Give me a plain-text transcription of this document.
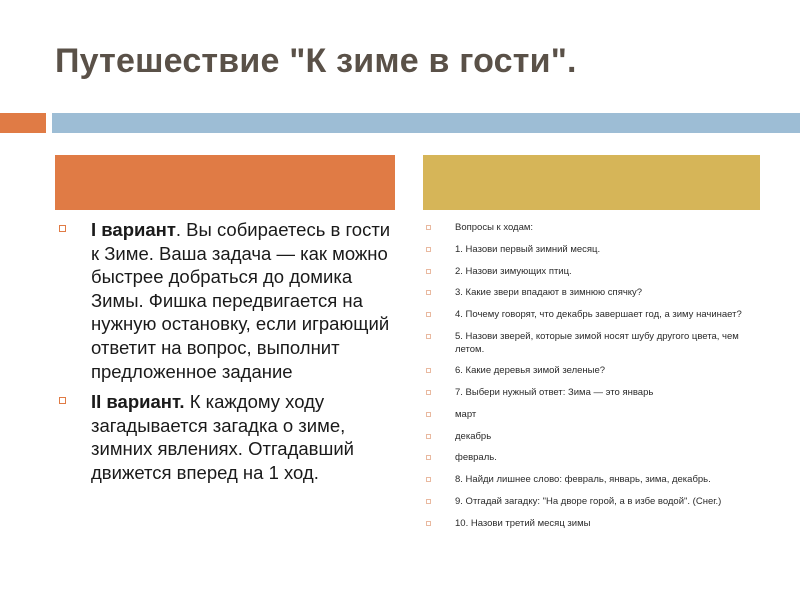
Путешествие "К зиме в гости".
I вариант. Вы собираетесь в гости к Зиме. Ваша задача — как можно быстрее добраться до домика Зимы. Фишка передвигается на нужную остановку, если играющий ответит на вопрос, выполнит предложенное задание
II вариант. К каждому ходу загадывается загадка о зиме, зимних явлениях. Отгадавший движется вперед на 1 ход.
Вопросы к ходам:
1. Назови первый зимний месяц.
2. Назови зимующих птиц.
3. Какие звери впадают в зимнюю спячку?
4. Почему говорят, что декабрь завершает год, а зиму начинает?
5. Назови зверей, которые зимой носят шубу другого цвета, чем летом.
6. Какие деревья зимой зеленые?
7. Выбери нужный ответ: Зима — это январь
март
декабрь
февраль.
8. Найди лишнее слово: февраль, январь, зима, декабрь.
9. Отгадай загадку: "На дворе горой, а в избе водой". (Снег.)
10. Назови третий месяц зимы
